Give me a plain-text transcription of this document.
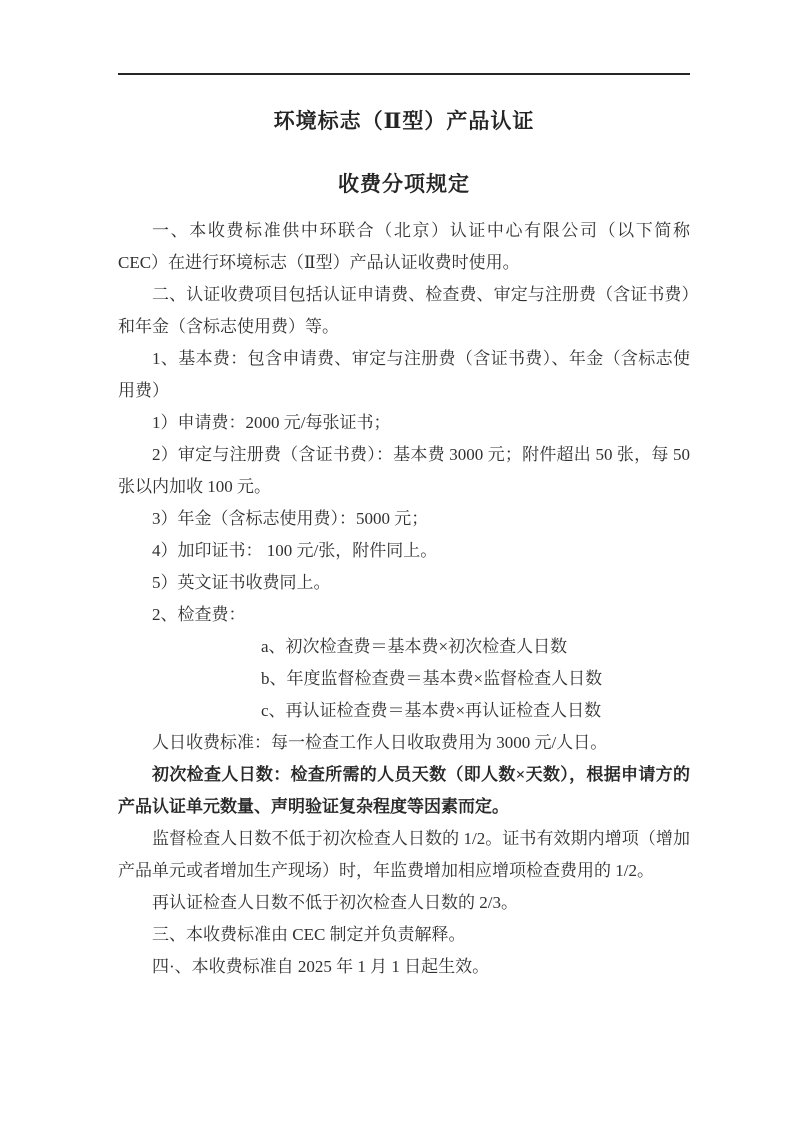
环境标志（Ⅱ型）产品认证
收费分项规定

一、本收费标准供中环联合（北京）认证中心有限公司（以下简称 CEC）在进行环境标志（Ⅱ型）产品认证收费时使用。

二、认证收费项目包括认证申请费、检查费、审定与注册费（含证书费）和年金（含标志使用费）等。

1、基本费：包含申请费、审定与注册费（含证书费）、年金（含标志使用费）

1）申请费：2000 元/每张证书；

2）审定与注册费（含证书费）：基本费 3000 元；附件超出 50 张，每 50 张以内加收 100 元。

3）年金（含标志使用费）：5000 元；

4）加印证书： 100 元/张，附件同上。

5）英文证书收费同上。

2、检查费：

a、初次检查费＝基本费×初次检查人日数

b、年度监督检查费＝基本费×监督检查人日数

c、再认证检查费＝基本费×再认证检查人日数

人日收费标准：每一检查工作人日收取费用为 3000 元/人日。

初次检查人日数：检查所需的人员天数（即人数×天数），根据申请方的产品认证单元数量、声明验证复杂程度等因素而定。

监督检查人日数不低于初次检查人日数的 1/2。证书有效期内增项（增加产品单元或者增加生产现场）时，年监费增加相应增项检查费用的 1/2。

再认证检查人日数不低于初次检查人日数的 2/3。

三、本收费标准由 CEC 制定并负责解释。

四·、本收费标准自 2025 年 1 月 1 日起生效。
